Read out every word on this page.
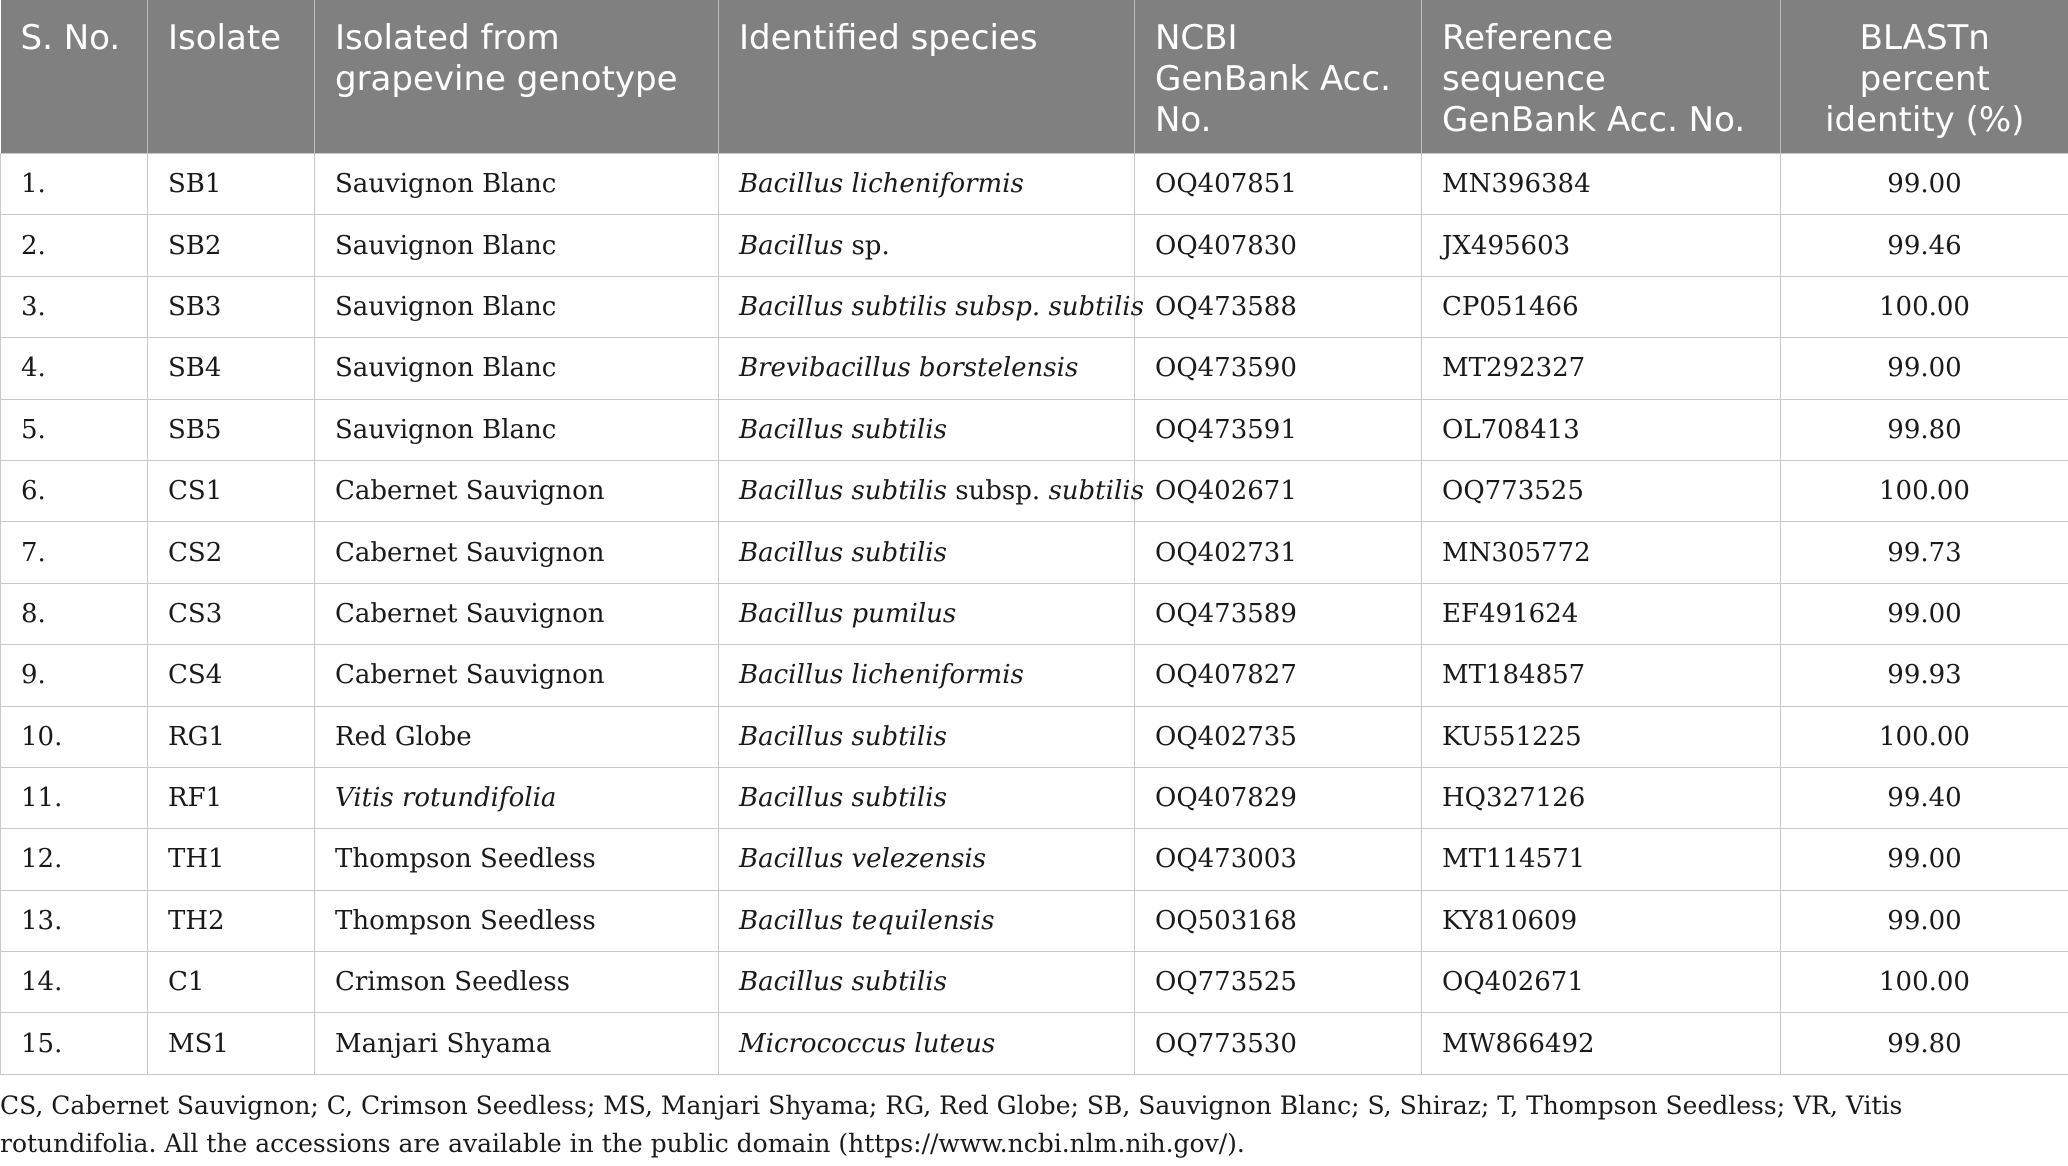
S. No.	Isolate	Isolated from grapevine genotype	Identified species	NCBI GenBank Acc. No.	Reference sequence GenBank Acc. No.	BLASTn percent identity (%)
1.	SB1	Sauvignon Blanc	Bacillus licheniformis	OQ407851	MN396384	99.00
2.	SB2	Sauvignon Blanc	Bacillus sp.	OQ407830	JX495603	99.46
3.	SB3	Sauvignon Blanc	Bacillus subtilis subsp. subtilis	OQ473588	CP051466	100.00
4.	SB4	Sauvignon Blanc	Brevibacillus borstelensis	OQ473590	MT292327	99.00
5.	SB5	Sauvignon Blanc	Bacillus subtilis	OQ473591	OL708413	99.80
6.	CS1	Cabernet Sauvignon	Bacillus subtilis subsp. subtilis	OQ402671	OQ773525	100.00
7.	CS2	Cabernet Sauvignon	Bacillus subtilis	OQ402731	MN305772	99.73
8.	CS3	Cabernet Sauvignon	Bacillus pumilus	OQ473589	EF491624	99.00
9.	CS4	Cabernet Sauvignon	Bacillus licheniformis	OQ407827	MT184857	99.93
10.	RG1	Red Globe	Bacillus subtilis	OQ402735	KU551225	100.00
11.	RF1	Vitis rotundifolia	Bacillus subtilis	OQ407829	HQ327126	99.40
12.	TH1	Thompson Seedless	Bacillus velezensis	OQ473003	MT114571	99.00
13.	TH2	Thompson Seedless	Bacillus tequilensis	OQ503168	KY810609	99.00
14.	C1	Crimson Seedless	Bacillus subtilis	OQ773525	OQ402671	100.00
15.	MS1	Manjari Shyama	Micrococcus luteus	OQ773530	MW866492	99.80
CS, Cabernet Sauvignon; C, Crimson Seedless; MS, Manjari Shyama; RG, Red Globe; SB, Sauvignon Blanc; S, Shiraz; T, Thompson Seedless; VR, Vitis rotundifolia. All the accessions are available in the public domain (https://www.ncbi.nlm.nih.gov/).
